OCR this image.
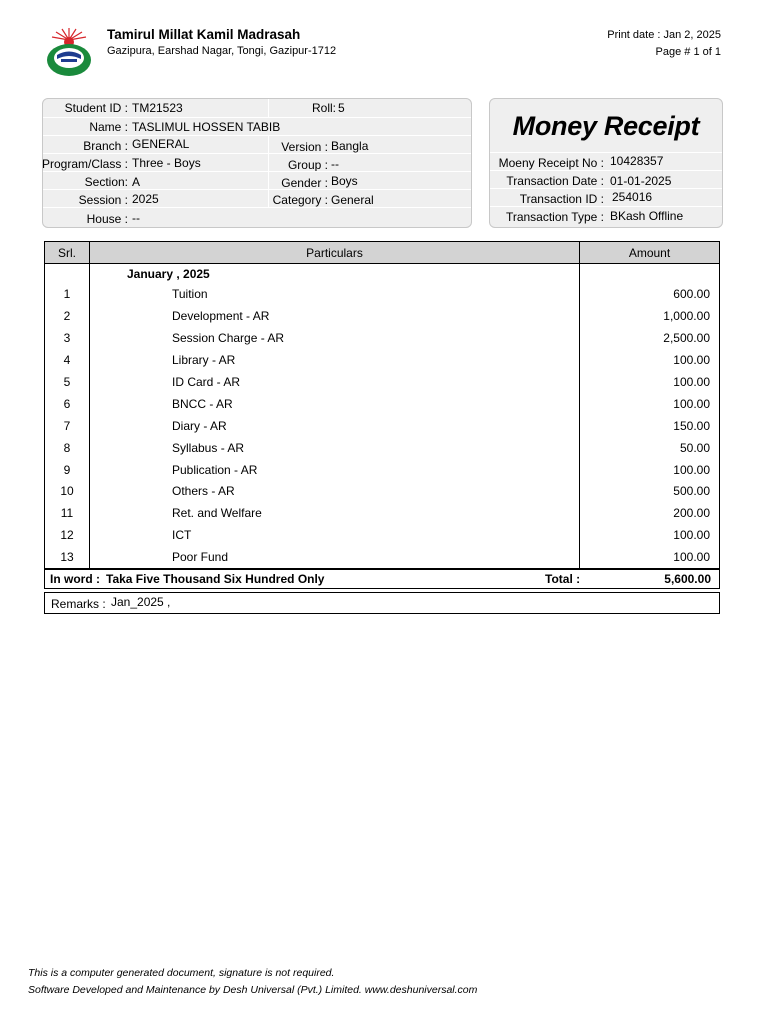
Tamirul Millat Kamil Madrasah
Gazipura, Earshad Nagar, Tongi, Gazipur-1712
Print date : Jan 2, 2025
Page # 1 of 1
Student ID : TM21523	Roll: 5
Name : TASLIMUL HOSSEN TABIB
Branch : GENERAL	Version : Bangla
Program/Class : Three - Boys	Group : --
Section: A	Gender : Boys
Session : 2025	Category : General
House : --
Money Receipt
Moeny Receipt No : 10428357
Transaction Date : 01-01-2025
Transaction ID : 254016
Transaction Type : BKash Offline
Srl.	Particulars	Amount
	January , 2025	
1	Tuition	600.00
2	Development - AR	1,000.00
3	Session Charge - AR	2,500.00
4	Library - AR	100.00
5	ID Card - AR	100.00
6	BNCC - AR	100.00
7	Diary - AR	150.00
8	Syllabus - AR	50.00
9	Publication - AR	100.00
10	Others - AR	500.00
11	Ret. and Welfare	200.00
12	ICT	100.00
13	Poor Fund	100.00
In word : Taka Five Thousand Six Hundred Only	Total :	5,600.00
Remarks : Jan_2025 ,
This is a computer generated document, signature is not required.
Software Developed and Maintenance by Desh Universal (Pvt.) Limited. www.deshuniversal.com
